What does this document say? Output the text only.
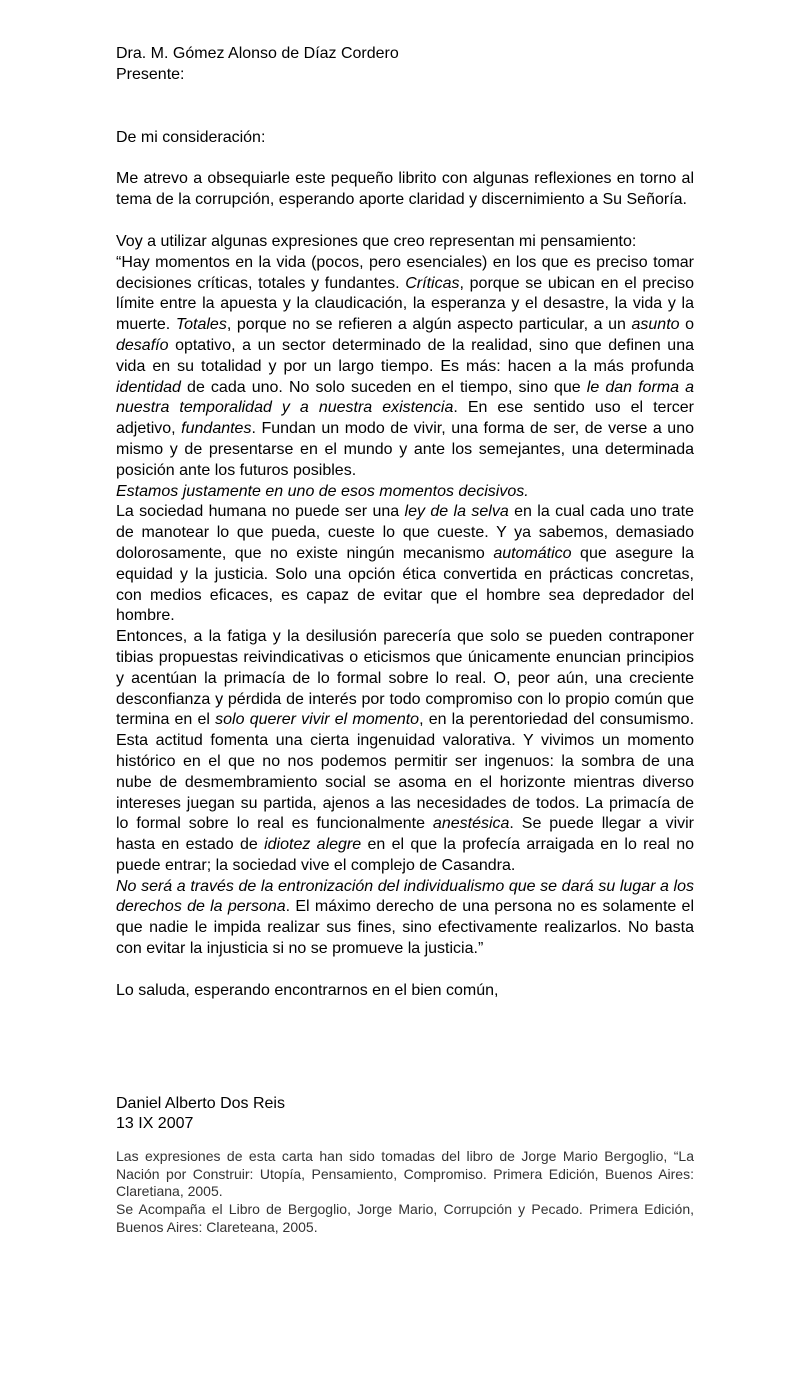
Dra. M. Gómez Alonso de Díaz Cordero

Presente:

De mi consideración:

Me atrevo a obsequiarle este pequeño librito con algunas reflexiones en torno al tema de la corrupción, esperando aporte claridad y discernimiento a Su Señoría.

Voy a utilizar algunas expresiones que creo representan mi pensamiento:

“Hay momentos en la vida (pocos, pero esenciales) en los que es preciso tomar decisiones críticas, totales y fundantes. Críticas, porque se ubican en el preciso límite entre la apuesta y la claudicación, la esperanza y el desastre, la vida y la muerte. Totales, porque no se refieren a algún aspecto particular, a un asunto o desafío optativo, a un sector determinado de la realidad, sino que definen una vida en su totalidad y por un largo tiempo. Es más: hacen a la más profunda identidad de cada uno. No solo suceden en el tiempo, sino que le dan forma a nuestra temporalidad y a nuestra existencia. En ese sentido uso el tercer adjetivo, fundantes. Fundan un modo de vivir, una forma de ser, de verse a uno mismo y de presentarse en el mundo y ante los semejantes, una determinada posición ante los futuros posibles.

Estamos justamente en uno de esos momentos decisivos.

La sociedad humana no puede ser una ley de la selva en la cual cada uno trate de manotear lo que pueda, cueste lo que cueste. Y ya sabemos, demasiado dolorosamente, que no existe ningún mecanismo automático que asegure la equidad y la justicia. Solo una opción ética convertida en prácticas concretas, con medios eficaces, es capaz de evitar que el hombre sea depredador del hombre.

Entonces, a la fatiga y la desilusión parecería que solo se pueden contraponer tibias propuestas reivindicativas o eticismos que únicamente enuncian principios y acentúan la primacía de lo formal sobre lo real. O, peor aún, una creciente desconfianza y pérdida de interés por todo compromiso con lo propio común que termina en el solo querer vivir el momento, en la perentoriedad del consumismo. Esta actitud fomenta una cierta ingenuidad valorativa. Y vivimos un momento histórico en el que no nos podemos permitir ser ingenuos: la sombra de una nube de desmembramiento social se asoma en el horizonte mientras diverso intereses juegan su partida, ajenos a las necesidades de todos. La primacía de lo formal sobre lo real es funcionalmente anestésica. Se puede llegar a vivir hasta en estado de idiotez alegre en el que la profecía arraigada en lo real no puede entrar; la sociedad vive el complejo de Casandra.

No será a través de la entronización del individualismo que se dará su lugar a los derechos de la persona. El máximo derecho de una persona no es solamente el que nadie le impida realizar sus fines, sino efectivamente realizarlos. No basta con evitar la injusticia si no se promueve la justicia.”

Lo saluda, esperando encontrarnos en el bien común,

Daniel Alberto Dos Reis

13 IX 2007

Las expresiones de esta carta han sido tomadas del libro de Jorge Mario Bergoglio, “La Nación por Construir: Utopía, Pensamiento, Compromiso. Primera Edición, Buenos Aires: Claretiana, 2005.

Se Acompaña el Libro de Bergoglio, Jorge Mario, Corrupción y Pecado. Primera Edición, Buenos Aires: Clareteana, 2005.
